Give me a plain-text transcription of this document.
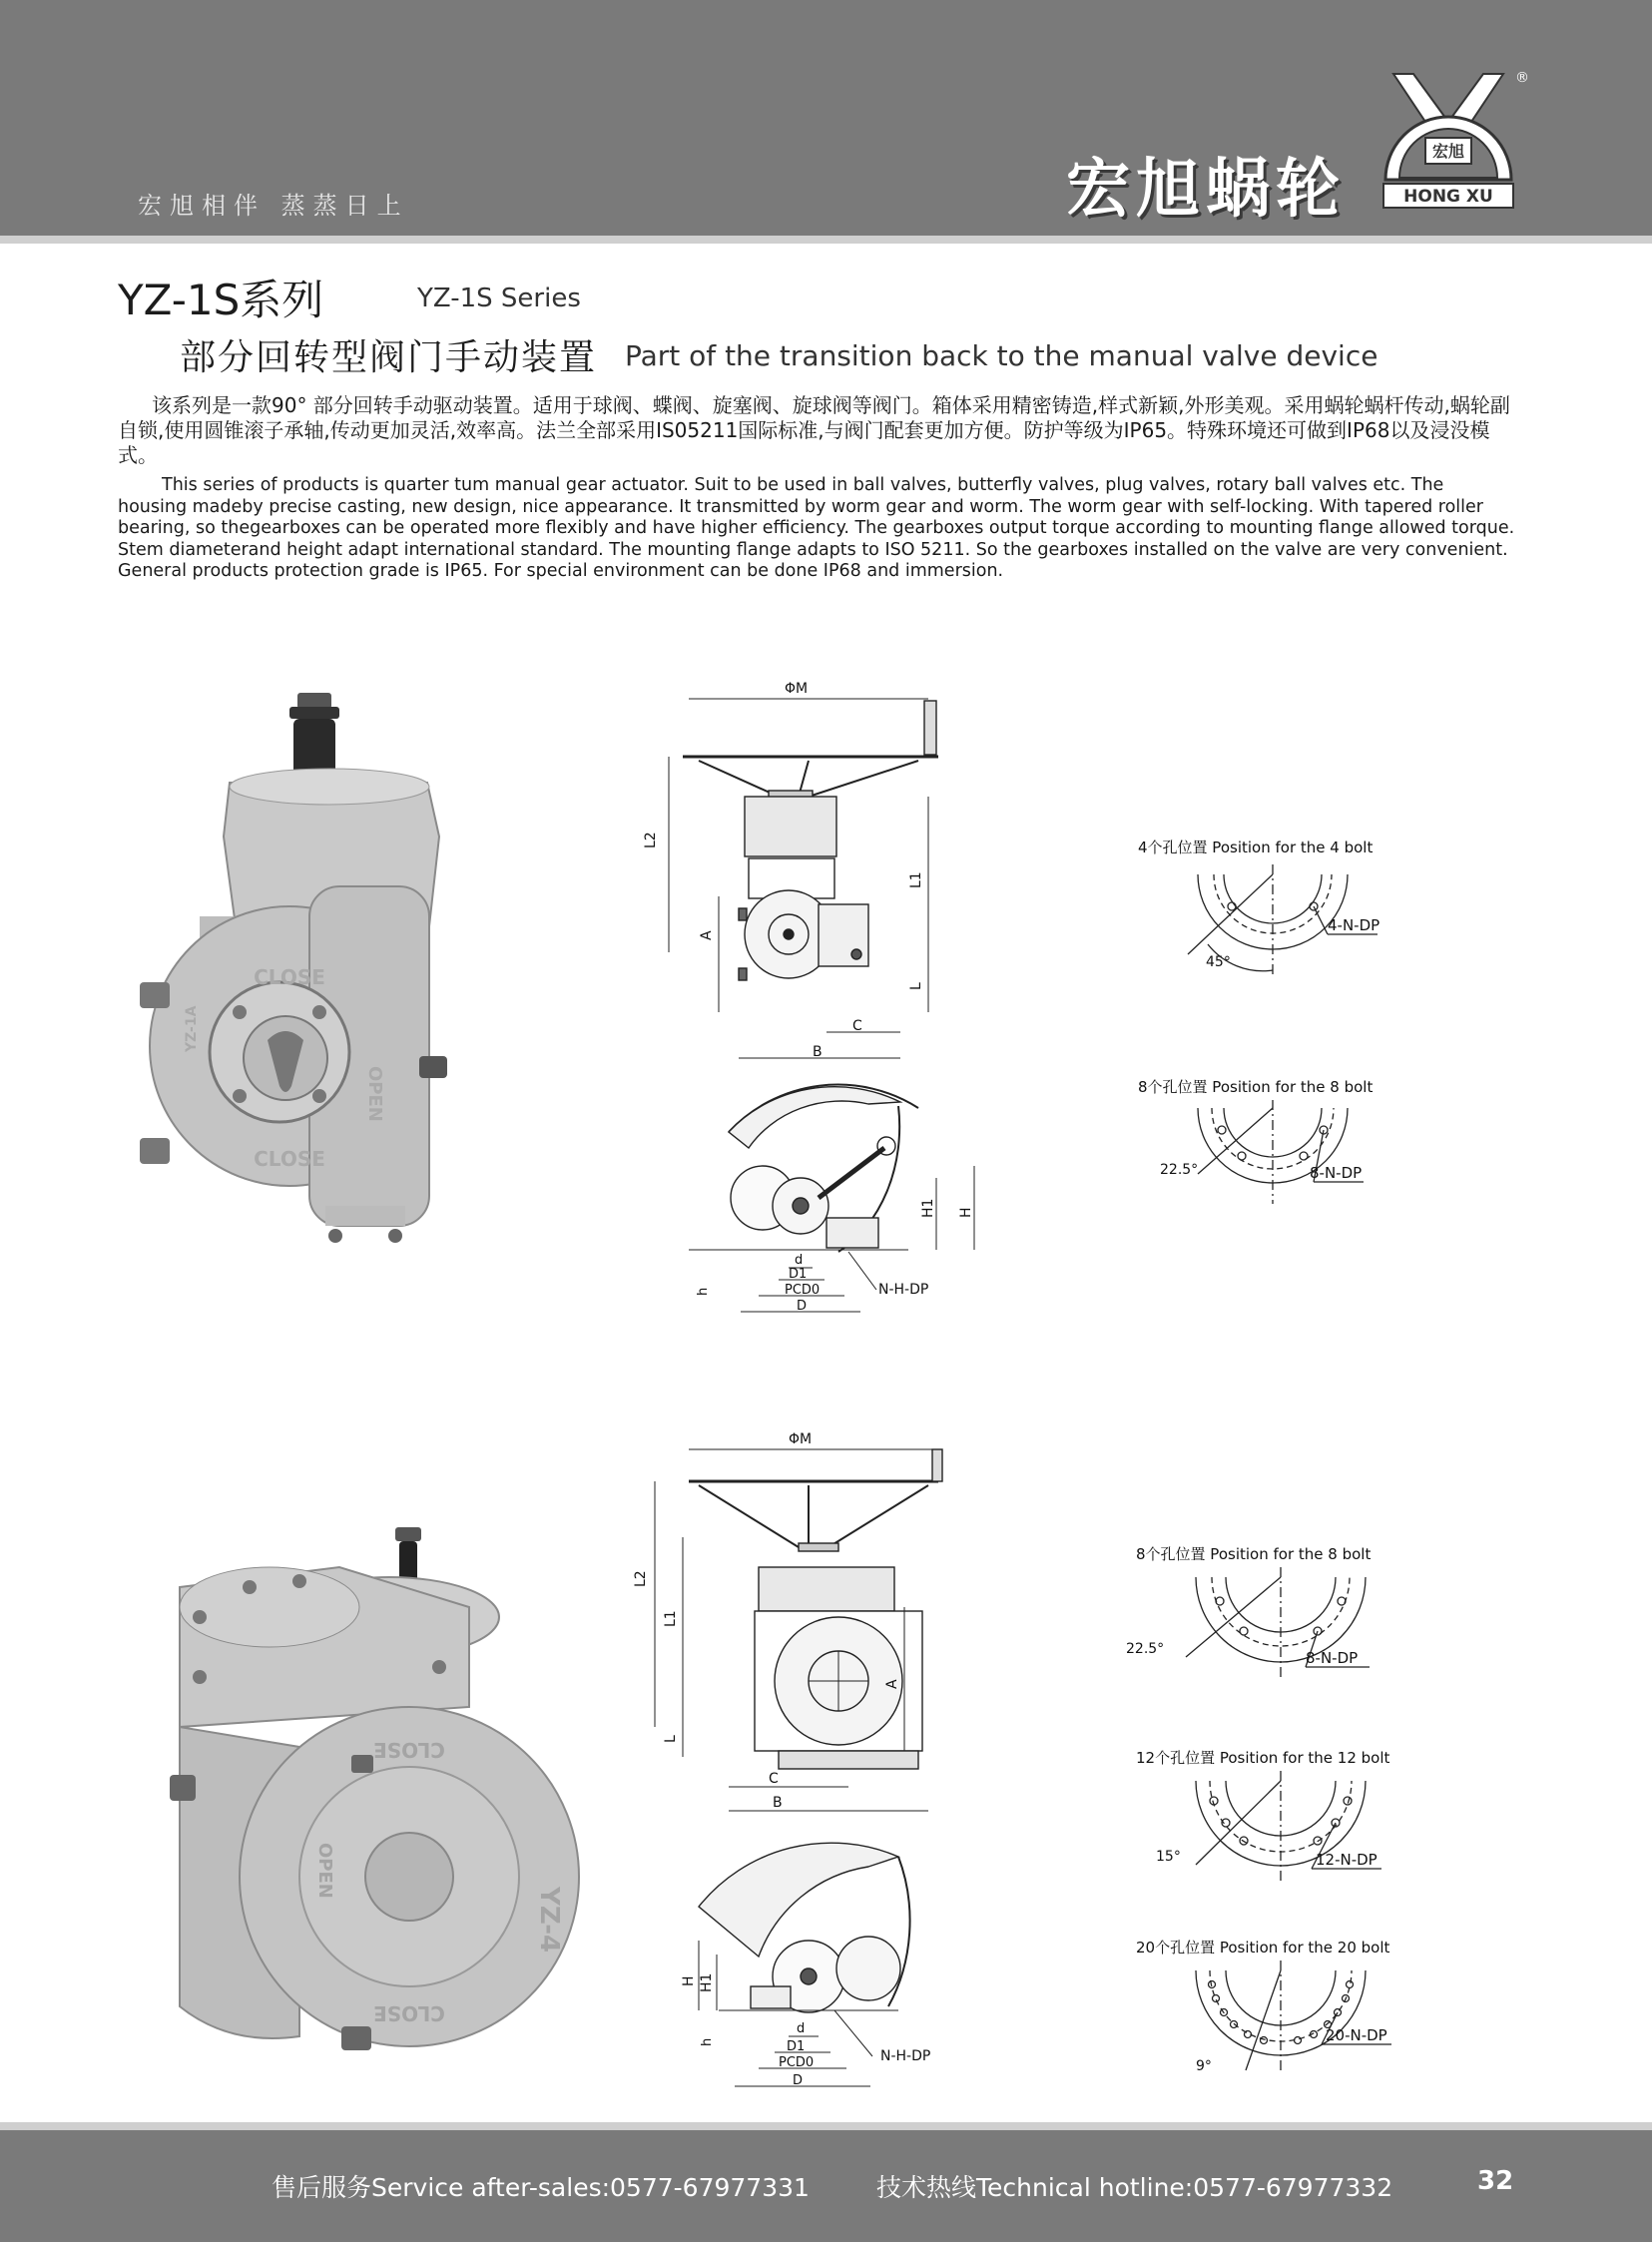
宏旭相伴 蒸蒸日上	宏旭蜗轮
宏旭
HONG XU
®
YZ-1S系列	YZ-1S Series
部分回转型阀门手动装置 Part of the transition back to the manual valve device
该系列是一款90° 部分回转手动驱动装置。适用于球阀、蝶阀、旋塞阀、旋球阀等阀门。箱体采用精密铸造,样式新颖,外形美观。采用蜗轮蜗杆传动,蜗轮副自锁,使用圆锥滚子承轴,传动更加灵活,效率高。法兰全部采用IS05211国际标准,与阀门配套更加方便。防护等级为IP65。特殊环境还可做到IP68以及浸没模式。
This series of products is quarter tum manual gear actuator. Suit to be used in ball valves, butterfly valves, plug valves, rotary ball valves etc. The housing madeby precise casting, new design, nice appearance. It transmitted by worm gear and worm. The worm gear with self-locking. With tapered roller bearing, so thegearboxes can be operated more flexibly and have higher efficiency. The gearboxes output torque according to mounting flange allowed torque. Stem diameterand height adapt international standard. The mounting flange adapts to ISO 5211. So the gearboxes installed on the valve are very convenient. General products protection grade is IP65. For special environment can be done IP68 and immersion.
CLOSE
OPEN
CLOSE
YZ-1A
ΦM
L2
L1
A
L
C
B
H1 H
h
d
D1
PCD0
D
N-H-DP
4个孔位置 Position for the 4 bolt
45°
4-N-DP
8个孔位置 Position for the 8 bolt
22.5°	8-N-DP
CLOSE
OPEN
YZ-4
CLOSE
ΦM
L2
L1
L
A
C
B
H H1
h
d
D1
PCD0
D
N-H-DP
8个孔位置 Position for the 8 bolt
22.5°	8-N-DP
12个孔位置 Position for the 12 bolt
15°	12-N-DP
20个孔位置 Position for the 20 bolt
9°
20-N-DP
售后服务Service after-sales:0577-67977331	技术热线Technical hotline:0577-67977332	32
